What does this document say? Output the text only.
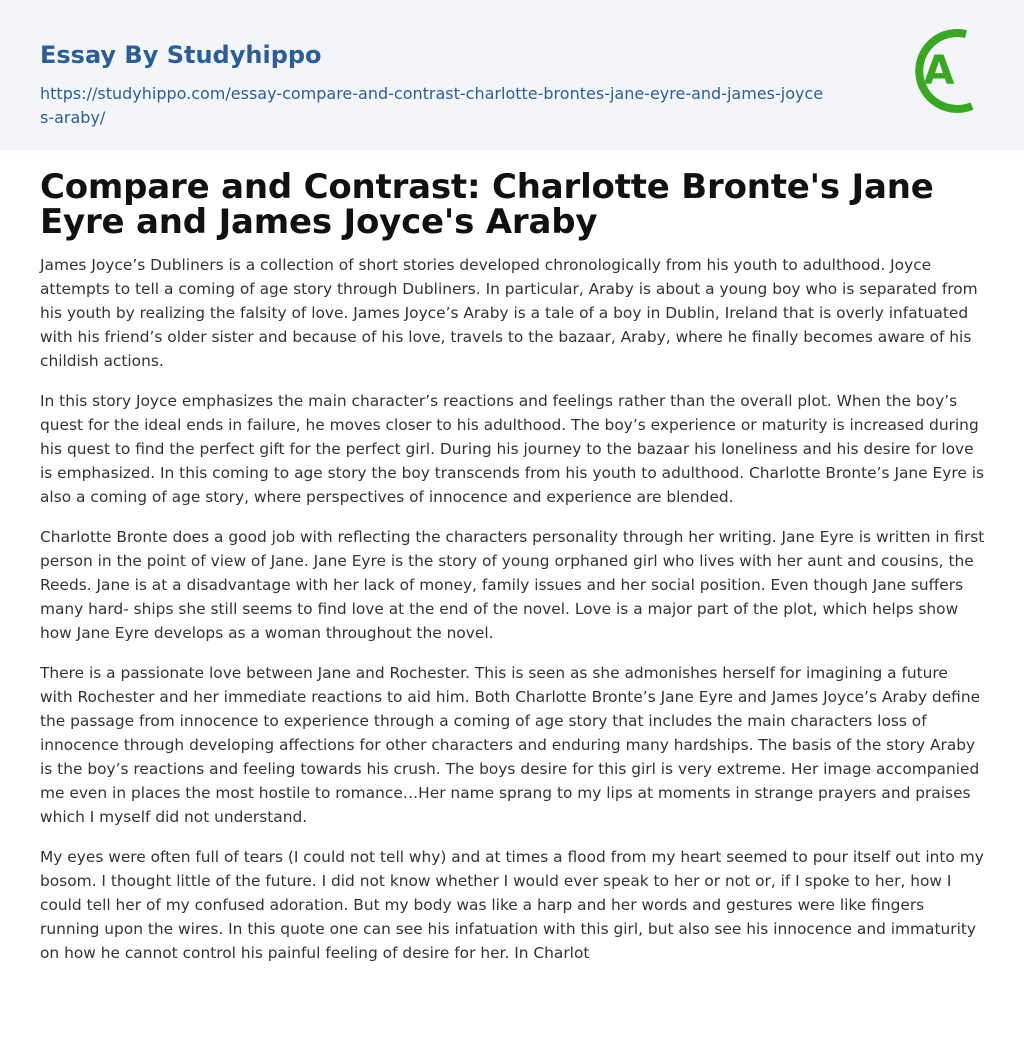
Essay By Studyhippo
https://studyhippo.com/essay-compare-and-contrast-charlotte-brontes-jane-eyre-and-james-joyces-araby/
A
Compare and Contrast: Charlotte Bronte's Jane Eyre and James Joyce's Araby

James Joyce’s Dubliners is a collection of short stories developed chronologically from his youth to adulthood. Joyce attempts to tell a coming of age story through Dubliners. In particular, Araby is about a young boy who is separated from his youth by realizing the falsity of love. James Joyce’s Araby is a tale of a boy in Dublin, Ireland that is overly infatuated with his friend’s older sister and because of his love, travels to the bazaar, Araby, where he finally becomes aware of his childish actions.

In this story Joyce emphasizes the main character’s reactions and feelings rather than the overall plot. When the boy’s quest for the ideal ends in failure, he moves closer to his adulthood. The boy’s experience or maturity is increased during his quest to find the perfect gift for the perfect girl. During his journey to the bazaar his loneliness and his desire for love is emphasized. In this coming to age story the boy transcends from his youth to adulthood. Charlotte Bronte’s Jane Eyre is also a coming of age story, where perspectives of innocence and experience are blended.

Charlotte Bronte does a good job with reflecting the characters personality through her writing. Jane Eyre is written in first person in the point of view of Jane. Jane Eyre is the story of young orphaned girl who lives with her aunt and cousins, the Reeds. Jane is at a disadvantage with her lack of money, family issues and her social position. Even though Jane suffers many hard- ships she still seems to find love at the end of the novel. Love is a major part of the plot, which helps show how Jane Eyre develops as a woman throughout the novel.

There is a passionate love between Jane and Rochester. This is seen as she admonishes herself for imagining a future with Rochester and her immediate reactions to aid him. Both Charlotte Bronte’s Jane Eyre and James Joyce’s Araby define the passage from innocence to experience through a coming of age story that includes the main characters loss of innocence through developing affections for other characters and enduring many hardships. The basis of the story Araby is the boy’s reactions and feeling towards his crush. The boys desire for this girl is very extreme. Her image accompanied me even in places the most hostile to romance…Her name sprang to my lips at moments in strange prayers and praises which I myself did not understand.

My eyes were often full of tears (I could not tell why) and at times a flood from my heart seemed to pour itself out into my bosom. I thought little of the future. I did not know whether I would ever speak to her or not or, if I spoke to her, how I could tell her of my confused adoration. But my body was like a harp and her words and gestures were like fingers running upon the wires. In this quote one can see his infatuation with this girl, but also see his innocence and immaturity on how he cannot control his painful feeling of desire for her. In Charlot
